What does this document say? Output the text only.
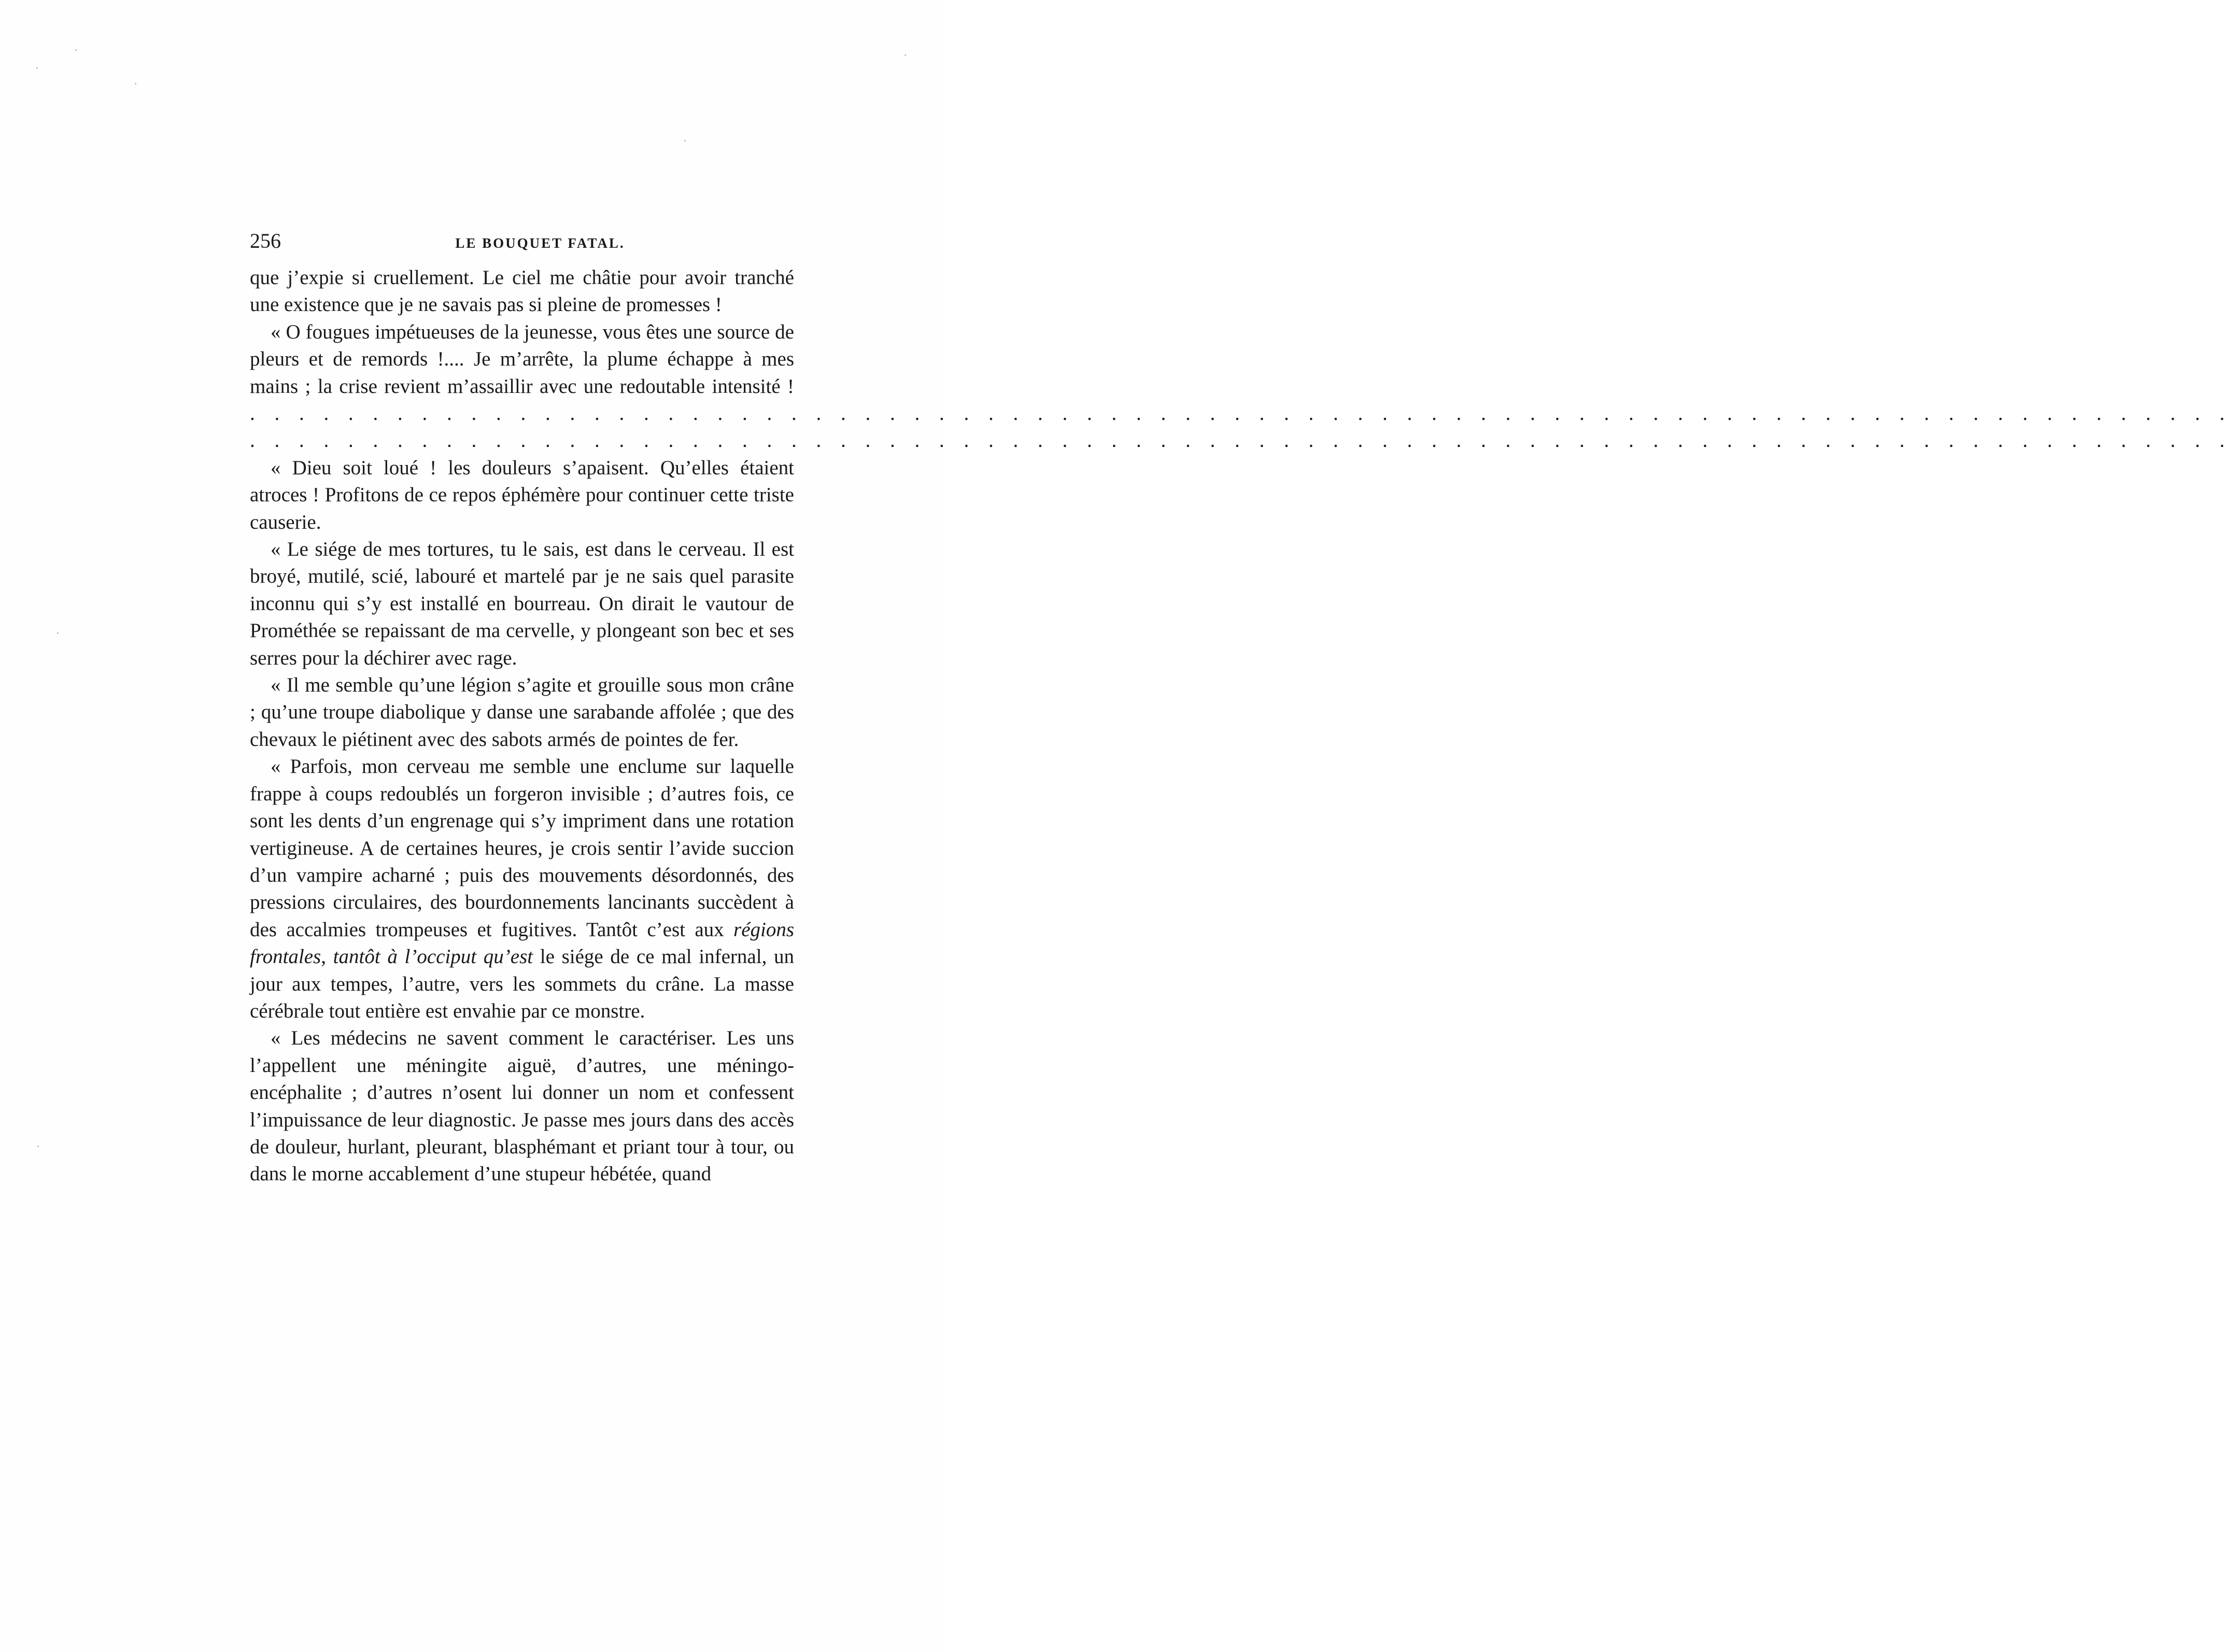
256	LE BOUQUET FATAL.

que j’expie si cruellement. Le ciel me châtie pour avoir tranché une existence que je ne savais pas si pleine de promesses !

« O fougues impétueuses de la jeunesse, vous êtes une source de pleurs et de remords !.... Je m’arrête, la plume échappe à mes mains ; la crise revient m’assaillir avec une redoutable intensité ! . . . . . . . . . . . . . . . . . . . . . . . . . . . . . . . . . . . . . . . . . . . . . . . . . . . . . . . . . . . . . . . . . . . . . . . . . . . . . . . . .

. . . . . . . . . . . . . . . . . . . . . . . . . . . . . . . . . . . . . . . . . . . . . . . . . . . . . . . . . . . . . . . . . . . . . . . . . . . . . . . . .

« Dieu soit loué ! les douleurs s’apaisent. Qu’elles étaient atroces ! Profitons de ce repos éphémère pour continuer cette triste causerie.

« Le siége de mes tortures, tu le sais, est dans le cerveau. Il est broyé, mutilé, scié, labouré et martelé par je ne sais quel parasite inconnu qui s’y est installé en bourreau. On dirait le vautour de Prométhée se repaissant de ma cervelle, y plongeant son bec et ses serres pour la déchirer avec rage.

« Il me semble qu’une légion s’agite et grouille sous mon crâne ; qu’une troupe diabolique y danse une sarabande affolée ; que des chevaux le piétinent avec des sabots armés de pointes de fer.

« Parfois, mon cerveau me semble une enclume sur laquelle frappe à coups redoublés un forgeron invisible ; d’autres fois, ce sont les dents d’un engrenage qui s’y impriment dans une rotation vertigineuse. A de certaines heures, je crois sentir l’avide succion d’un vampire acharné ; puis des mouvements désordonnés, des pressions circulaires, des bourdonnements lancinants succèdent à des accalmies trompeuses et fugitives. Tantôt c’est aux régions frontales, tantôt à l’occiput qu’est le siége de ce mal infernal, un jour aux tempes, l’autre, vers les sommets du crâne. La masse cérébrale tout entière est envahie par ce monstre.

« Les médecins ne savent comment le caractériser. Les uns l’appellent une méningite aiguë, d’autres, une méningo-encéphalite ; d’autres n’osent lui donner un nom et confessent l’impuissance de leur diagnostic. Je passe mes jours dans des accès de douleur, hurlant, pleurant, blasphémant et priant tour à tour, ou dans le morne accablement d’une stupeur hébétée, quand
